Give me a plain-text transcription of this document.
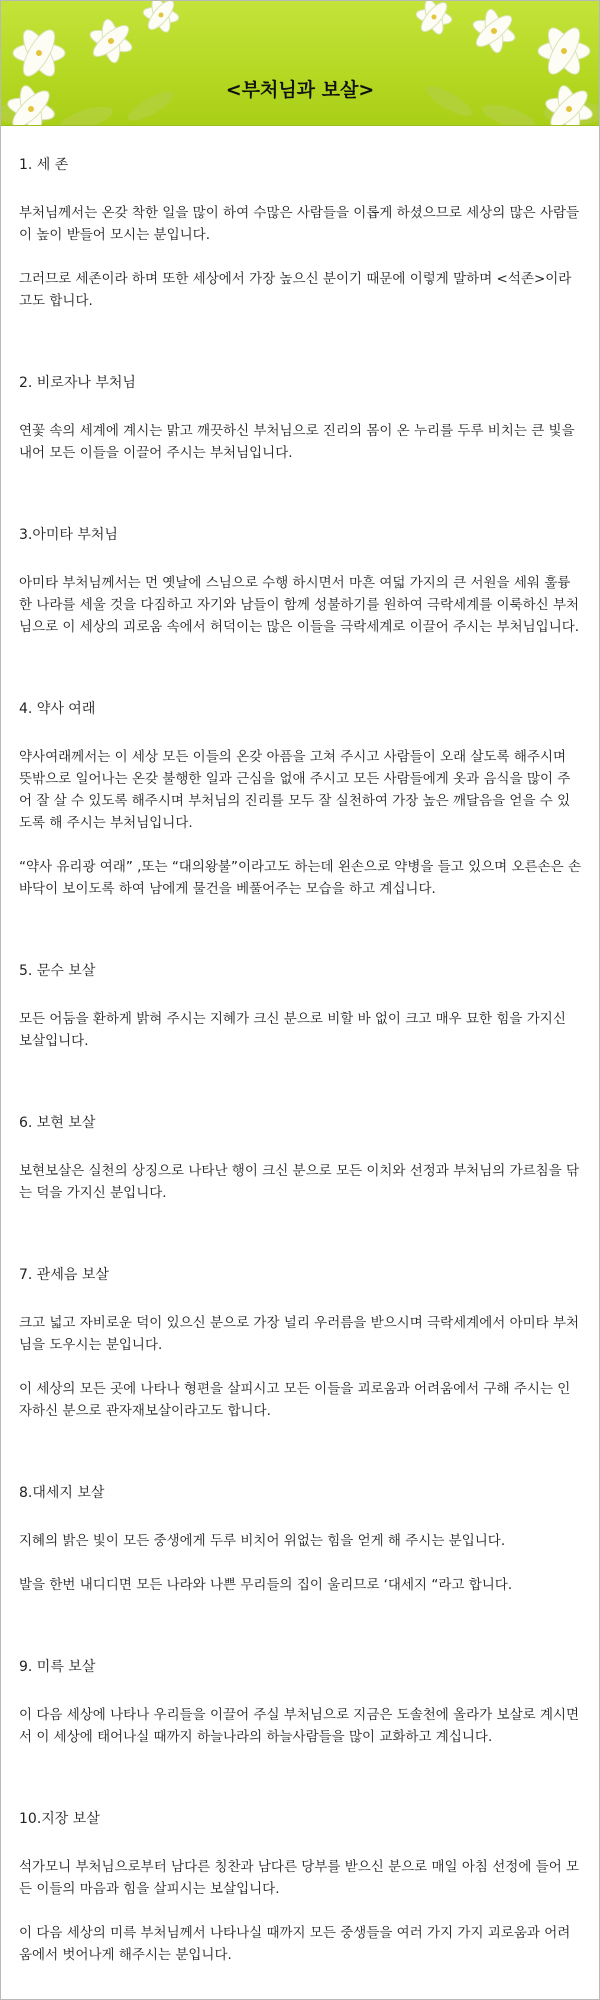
<부처님과 보살>
1. 세 존

부처님께서는 온갖 착한 일을 많이 하여 수많은 사람들을 이롭게 하셨으므로 세상의 많은 사람들이 높이 받들어 모시는 분입니다.

그러므로 세존이라 하며 또한 세상에서 가장 높으신 분이기 때문에 이렇게 말하며 <석존>이라고도 합니다.

2. 비로자나 부처님

연꽃 속의 세계에 계시는 맑고 깨끗하신 부처님으로 진리의 몸이 온 누리를 두루 비치는 큰 빛을 내어 모든 이들을 이끌어 주시는 부처님입니다.

3.아미타 부처님

아미타 부처님께서는 먼 옛날에 스님으로 수행 하시면서 마흔 여덟 가지의 큰 서원을 세워 훌륭한 나라를 세울 것을 다짐하고 자기와 남들이 함께 성불하기를 원하여 극락세계를 이룩하신 부처님으로 이 세상의 괴로움 속에서 허덕이는 많은 이들을 극락세계로 이끌어 주시는 부처님입니다.

4. 약사 여래

약사여래께서는 이 세상 모든 이들의 온갖 아픔을 고쳐 주시고 사람들이 오래 살도록 해주시며 뜻밖으로 일어나는 온갖 불행한 일과 근심을 없애 주시고 모든 사람들에게 옷과 음식을 많이 주어 잘 살 수 있도록 해주시며 부처님의 진리를 모두 잘 실천하여 가장 높은 깨달음을 얻을 수 있도록 해 주시는 부처님입니다.

“약사 유리광 여래” ,또는 “대의왕불”이라고도 하는데 왼손으로 약병을 들고 있으며 오른손은 손바닥이 보이도록 하여 남에게 물건을 베풀어주는 모습을 하고 계십니다.

5. 문수 보살

모든 어둠을 환하게 밝혀 주시는 지혜가 크신 분으로 비할 바 없이 크고 매우 묘한 힘을 가지신 보살입니다.

6. 보현 보살

보현보살은 실천의 상징으로 나타난 행이 크신 분으로 모든 이치와 선정과 부처님의 가르침을 닦는 덕을 가지신 분입니다.

7. 관세음 보살

크고 넓고 자비로운 덕이 있으신 분으로 가장 널리 우러름을 받으시며 극락세계에서 아미타 부처님을 도우시는 분입니다.

이 세상의 모든 곳에 나타나 형편을 살피시고 모든 이들을 괴로움과 어려움에서 구해 주시는 인자하신 분으로 관자재보살이라고도 합니다.

8.대세지 보살

지혜의 밝은 빛이 모든 중생에게 두루 비치어 위없는 힘을 얻게 해 주시는 분입니다.

발을 한번 내디디면 모든 나라와 나쁜 무리들의 집이 울리므로 ‘대세지 “라고 합니다.

9. 미륵 보살

이 다음 세상에 나타나 우리들을 이끌어 주실 부처님으로 지금은 도솔천에 올라가 보살로 계시면서 이 세상에 태어나실 때까지 하늘나라의 하늘사람들을 많이 교화하고 계십니다.

10.지장 보살

석가모니 부처님으로부터 남다른 칭찬과 남다른 당부를 받으신 분으로 매일 아침 선정에 들어 모든 이들의 마음과 힘을 살피시는 보살입니다.

이 다음 세상의 미륵 부처님께서 나타나실 때까지 모든 중생들을 여러 가지 가지 괴로움과 어려움에서 벗어나게 해주시는 분입니다.
